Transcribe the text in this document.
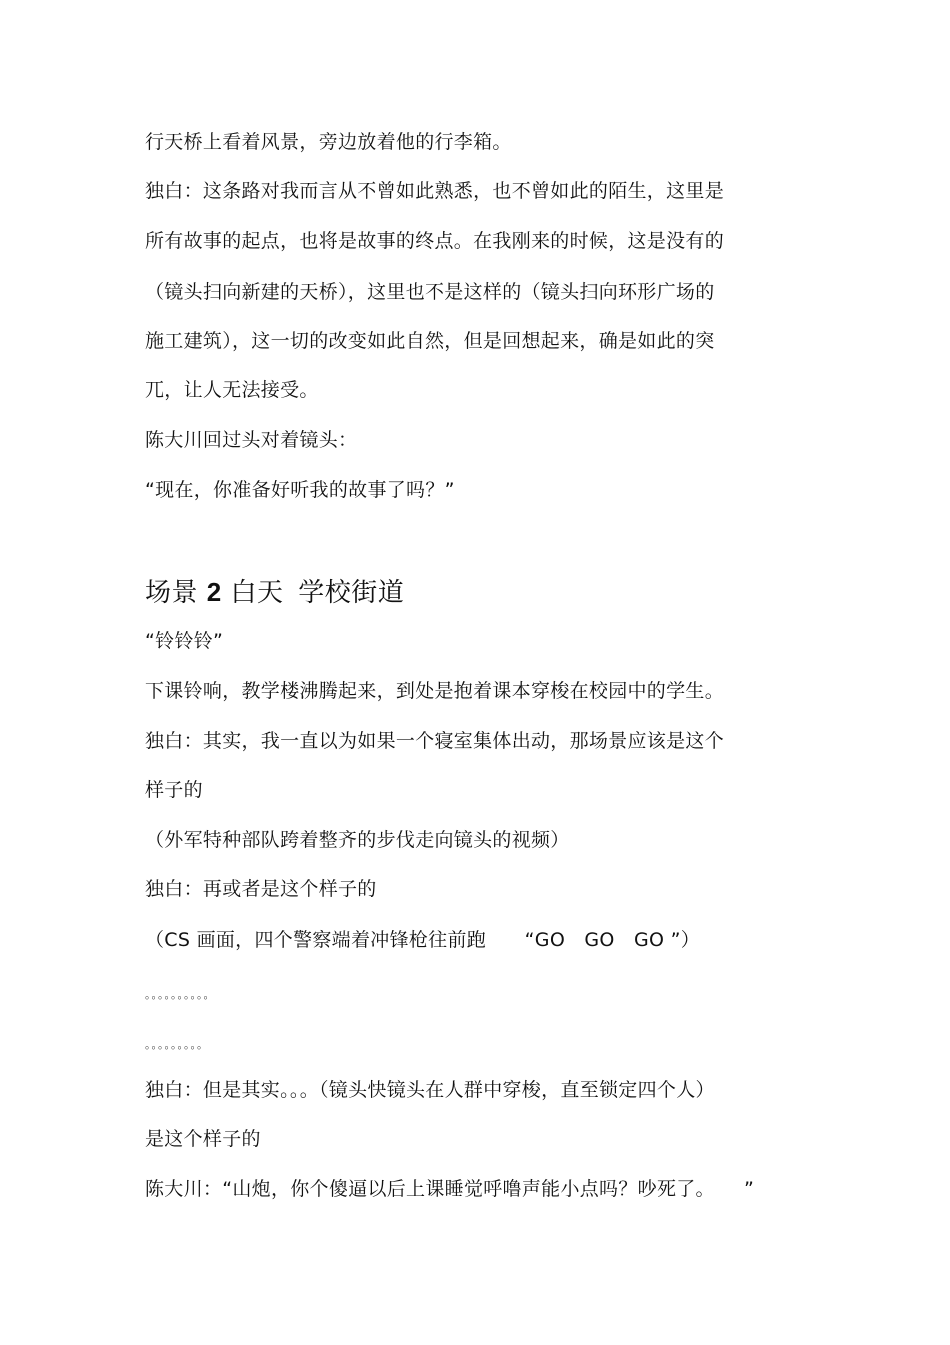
行天桥上看着风景，旁边放着他的行李箱。
独白：这条路对我而言从不曾如此熟悉，也不曾如此的陌生，这里是
所有故事的起点，也将是故事的终点。在我刚来的时候，这是没有的
（镜头扫向新建的天桥），这里也不是这样的（镜头扫向环形广场的
施工建筑），这一切的改变如此自然，但是回想起来，确是如此的突
兀，让人无法接受。
陈大川回过头对着镜头：
“现在，你准备好听我的故事了吗？”
场景 2 白天 学校街道
“铃铃铃”
下课铃响，教学楼沸腾起来，到处是抱着课本穿梭在校园中的学生。
独白：其实，我一直以为如果一个寝室集体出动，那场景应该是这个
样子的
（外军特种部队跨着整齐的步伐走向镜头的视频）
独白：再或者是这个样子的
（CS 画面，四个警察端着冲锋枪往前跑　　“GO　GO　GO ”）
。。。。。。。。。。
。。。。。。。。。
独白：但是其实。。。（镜头快镜头在人群中穿梭，直至锁定四个人）
是这个样子的
陈大川：“山炮，你个傻逼以后上课睡觉呼噜声能小点吗？吵死了。　　”
